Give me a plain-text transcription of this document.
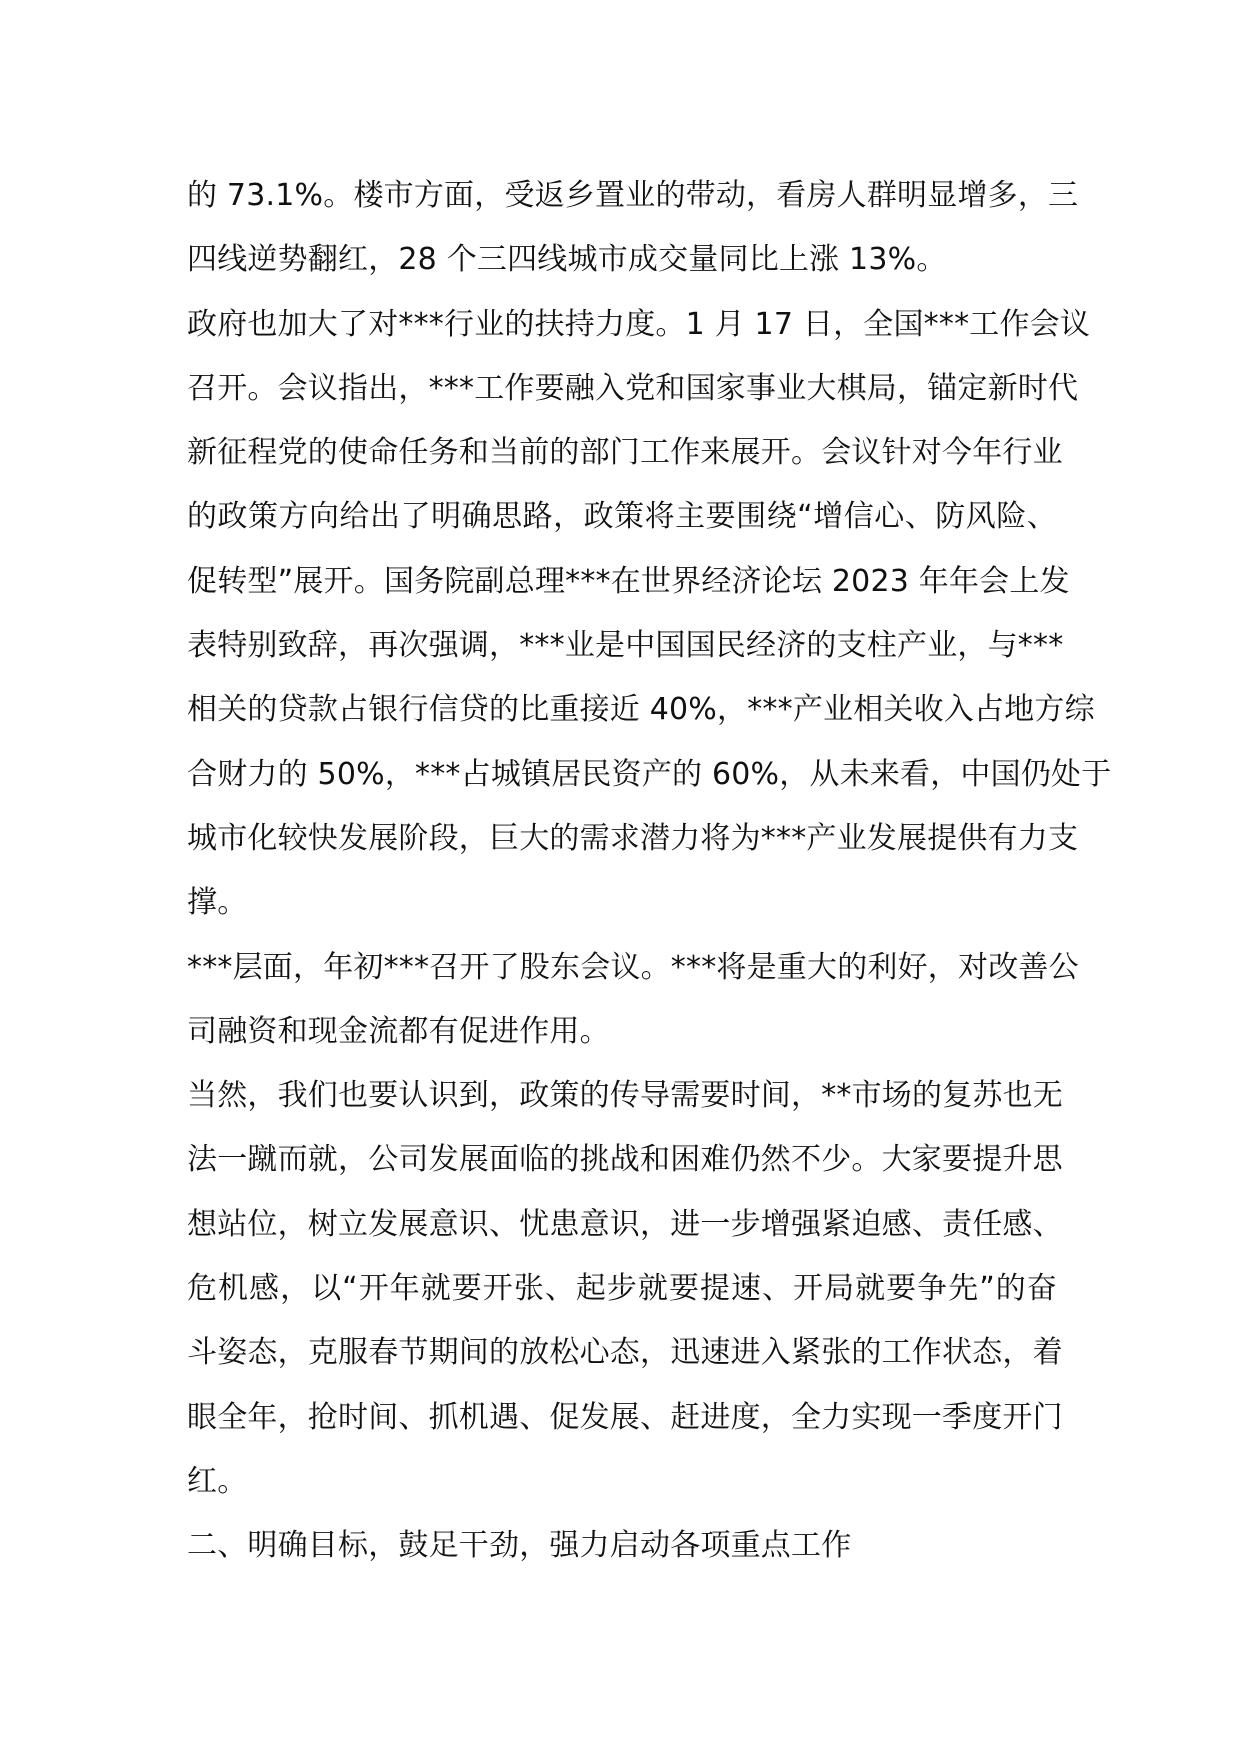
的 73.1%。楼市方面，受返乡置业的带动，看房人群明显增多，三
四线逆势翻红，28 个三四线城市成交量同比上涨 13%。
政府也加大了对***行业的扶持力度。1 月 17 日，全国***工作会议
召开。会议指出，***工作要融入党和国家事业大棋局，锚定新时代
新征程党的使命任务和当前的部门工作来展开。会议针对今年行业
的政策方向给出了明确思路，政策将主要围绕“增信心、防风险、
促转型”展开。国务院副总理***在世界经济论坛 2023 年年会上发
表特别致辞，再次强调，***业是中国国民经济的支柱产业，与***
相关的贷款占银行信贷的比重接近 40%，***产业相关收入占地方综
合财力的 50%，***占城镇居民资产的 60%，从未来看，中国仍处于
城市化较快发展阶段，巨大的需求潜力将为***产业发展提供有力支
撑。
***层面，年初***召开了股东会议。***将是重大的利好，对改善公
司融资和现金流都有促进作用。
当然，我们也要认识到，政策的传导需要时间，**市场的复苏也无
法一蹴而就，公司发展面临的挑战和困难仍然不少。大家要提升思
想站位，树立发展意识、忧患意识，进一步增强紧迫感、责任感、
危机感，以“开年就要开张、起步就要提速、开局就要争先”的奋
斗姿态，克服春节期间的放松心态，迅速进入紧张的工作状态，着
眼全年，抢时间、抓机遇、促发展、赶进度，全力实现一季度开门
红。
二、明确目标，鼓足干劲，强力启动各项重点工作
